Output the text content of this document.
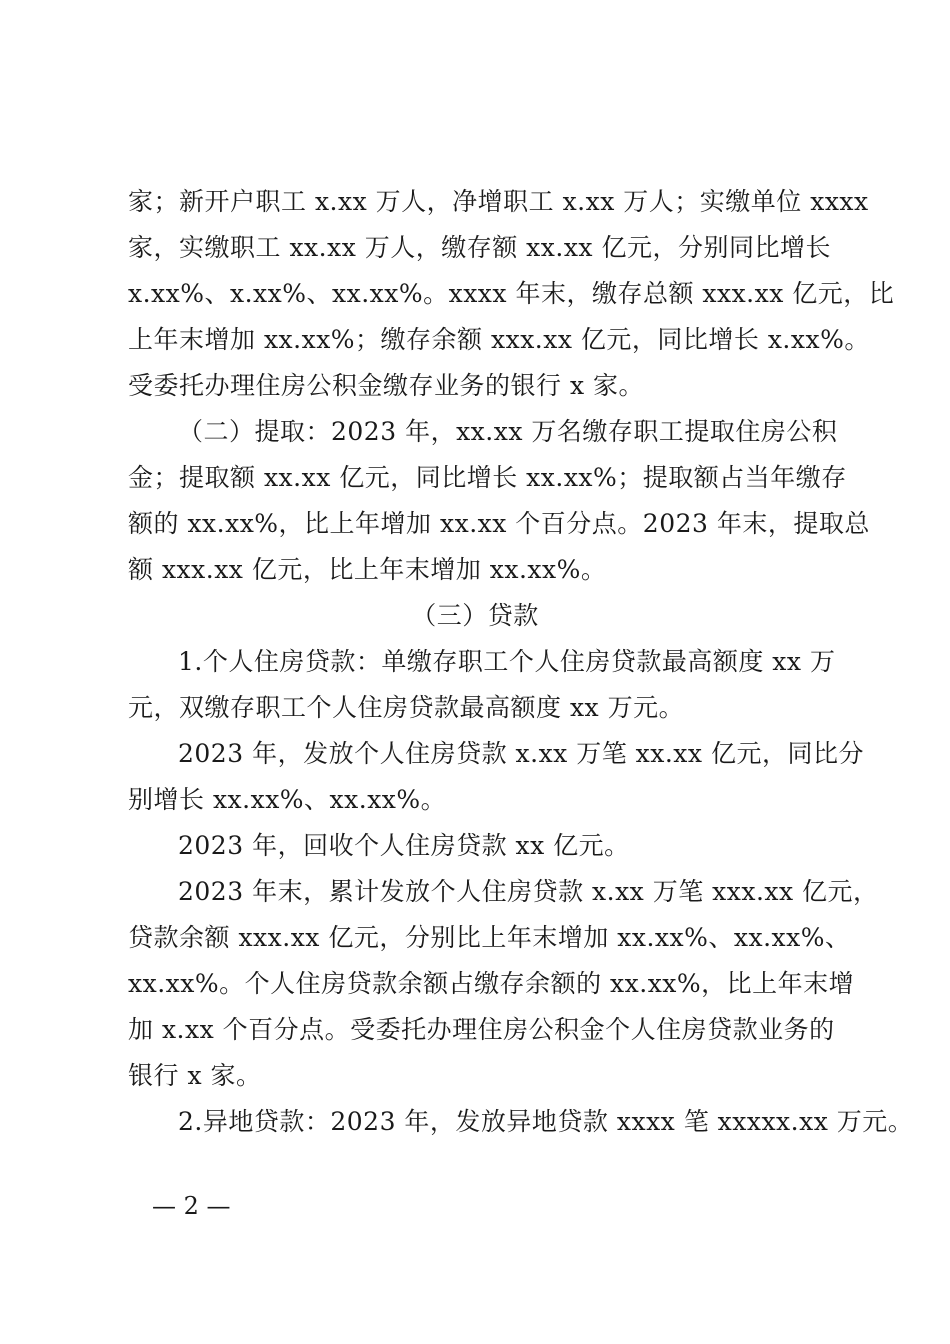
家；新开户职工 x.xx 万人，净增职工 x.xx 万人；实缴单位 xxxx
家，实缴职工 xx.xx 万人，缴存额 xx.xx 亿元，分别同比增长
x.xx%、x.xx%、xx.xx%。xxxx 年末，缴存总额 xxx.xx 亿元，比
上年末增加 xx.xx%；缴存余额 xxx.xx 亿元，同比增长 x.xx%。
受委托办理住房公积金缴存业务的银行 x 家。
（二）提取：2023 年，xx.xx 万名缴存职工提取住房公积
金；提取额 xx.xx 亿元，同比增长 xx.xx%；提取额占当年缴存
额的 xx.xx%，比上年增加 xx.xx 个百分点。2023 年末，提取总
额 xxx.xx 亿元，比上年末增加 xx.xx%。
（三）贷款
1.个人住房贷款：单缴存职工个人住房贷款最高额度 xx 万
元，双缴存职工个人住房贷款最高额度 xx 万元。
2023 年，发放个人住房贷款 x.xx 万笔 xx.xx 亿元，同比分
别增长 xx.xx%、xx.xx%。
2023 年，回收个人住房贷款 xx 亿元。
2023 年末，累计发放个人住房贷款 x.xx 万笔 xxx.xx 亿元，
贷款余额 xxx.xx 亿元，分别比上年末增加 xx.xx%、xx.xx%、
xx.xx%。个人住房贷款余额占缴存余额的 xx.xx%，比上年末增
加 x.xx 个百分点。受委托办理住房公积金个人住房贷款业务的
银行 x 家。
2.异地贷款：2023 年，发放异地贷款 xxxx 笔 xxxxx.xx 万元。
— 2 —
